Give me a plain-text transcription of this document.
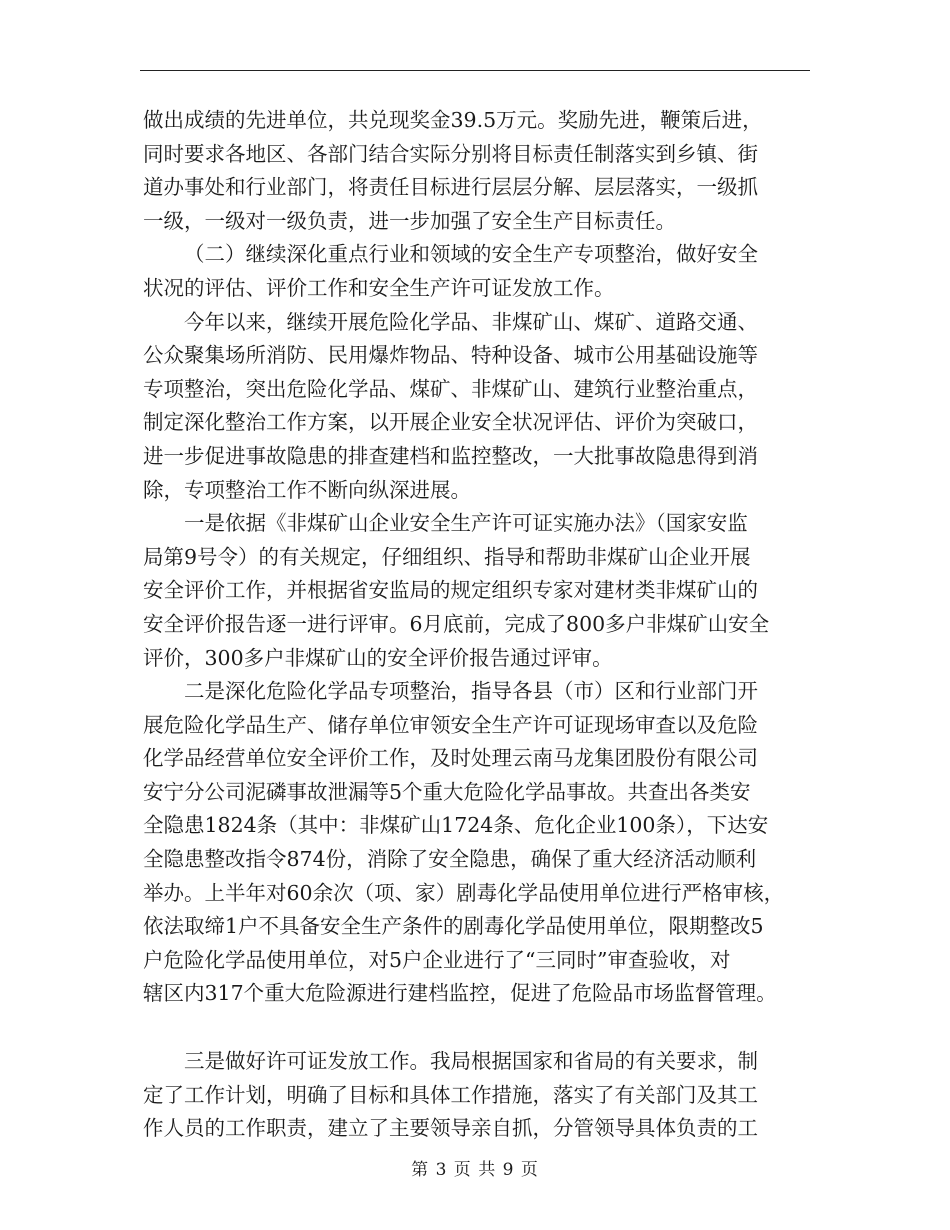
做出成绩的先进单位，共兑现奖金39.5万元。奖励先进，鞭策后进，
同时要求各地区、各部门结合实际分别将目标责任制落实到乡镇、街
道办事处和行业部门，将责任目标进行层层分解、层层落实，一级抓
一级，一级对一级负责，进一步加强了安全生产目标责任。

（二）继续深化重点行业和领域的安全生产专项整治，做好安全
状况的评估、评价工作和安全生产许可证发放工作。

今年以来，继续开展危险化学品、非煤矿山、煤矿、道路交通、
公众聚集场所消防、民用爆炸物品、特种设备、城市公用基础设施等
专项整治，突出危险化学品、煤矿、非煤矿山、建筑行业整治重点，
制定深化整治工作方案，以开展企业安全状况评估、评价为突破口，
进一步促进事故隐患的排查建档和监控整改，一大批事故隐患得到消
除，专项整治工作不断向纵深进展。

一是依据《非煤矿山企业安全生产许可证实施办法》（国家安监
局第9号令）的有关规定，仔细组织、指导和帮助非煤矿山企业开展
安全评价工作，并根据省安监局的规定组织专家对建材类非煤矿山的
安全评价报告逐一进行评审。6月底前，完成了800多户非煤矿山安全
评价，300多户非煤矿山的安全评价报告通过评审。

二是深化危险化学品专项整治，指导各县（市）区和行业部门开
展危险化学品生产、储存单位审领安全生产许可证现场审查以及危险
化学品经营单位安全评价工作，及时处理云南马龙集团股份有限公司
安宁分公司泥磷事故泄漏等5个重大危险化学品事故。共查出各类安
全隐患1824条（其中：非煤矿山1724条、危化企业100条），下达安
全隐患整改指令874份，消除了安全隐患，确保了重大经济活动顺利
举办。上半年对60余次（项、家）剧毒化学品使用单位进行严格审核，
依法取缔1户不具备安全生产条件的剧毒化学品使用单位，限期整改5
户危险化学品使用单位，对5户企业进行了“三同时”审查验收，对
辖区内317个重大危险源进行建档监控，促进了危险品市场监督管理。

三是做好许可证发放工作。我局根据国家和省局的有关要求，制
定了工作计划，明确了目标和具体工作措施，落实了有关部门及其工
作人员的工作职责，建立了主要领导亲自抓，分管领导具体负责的工

第 3 页 共 9 页
